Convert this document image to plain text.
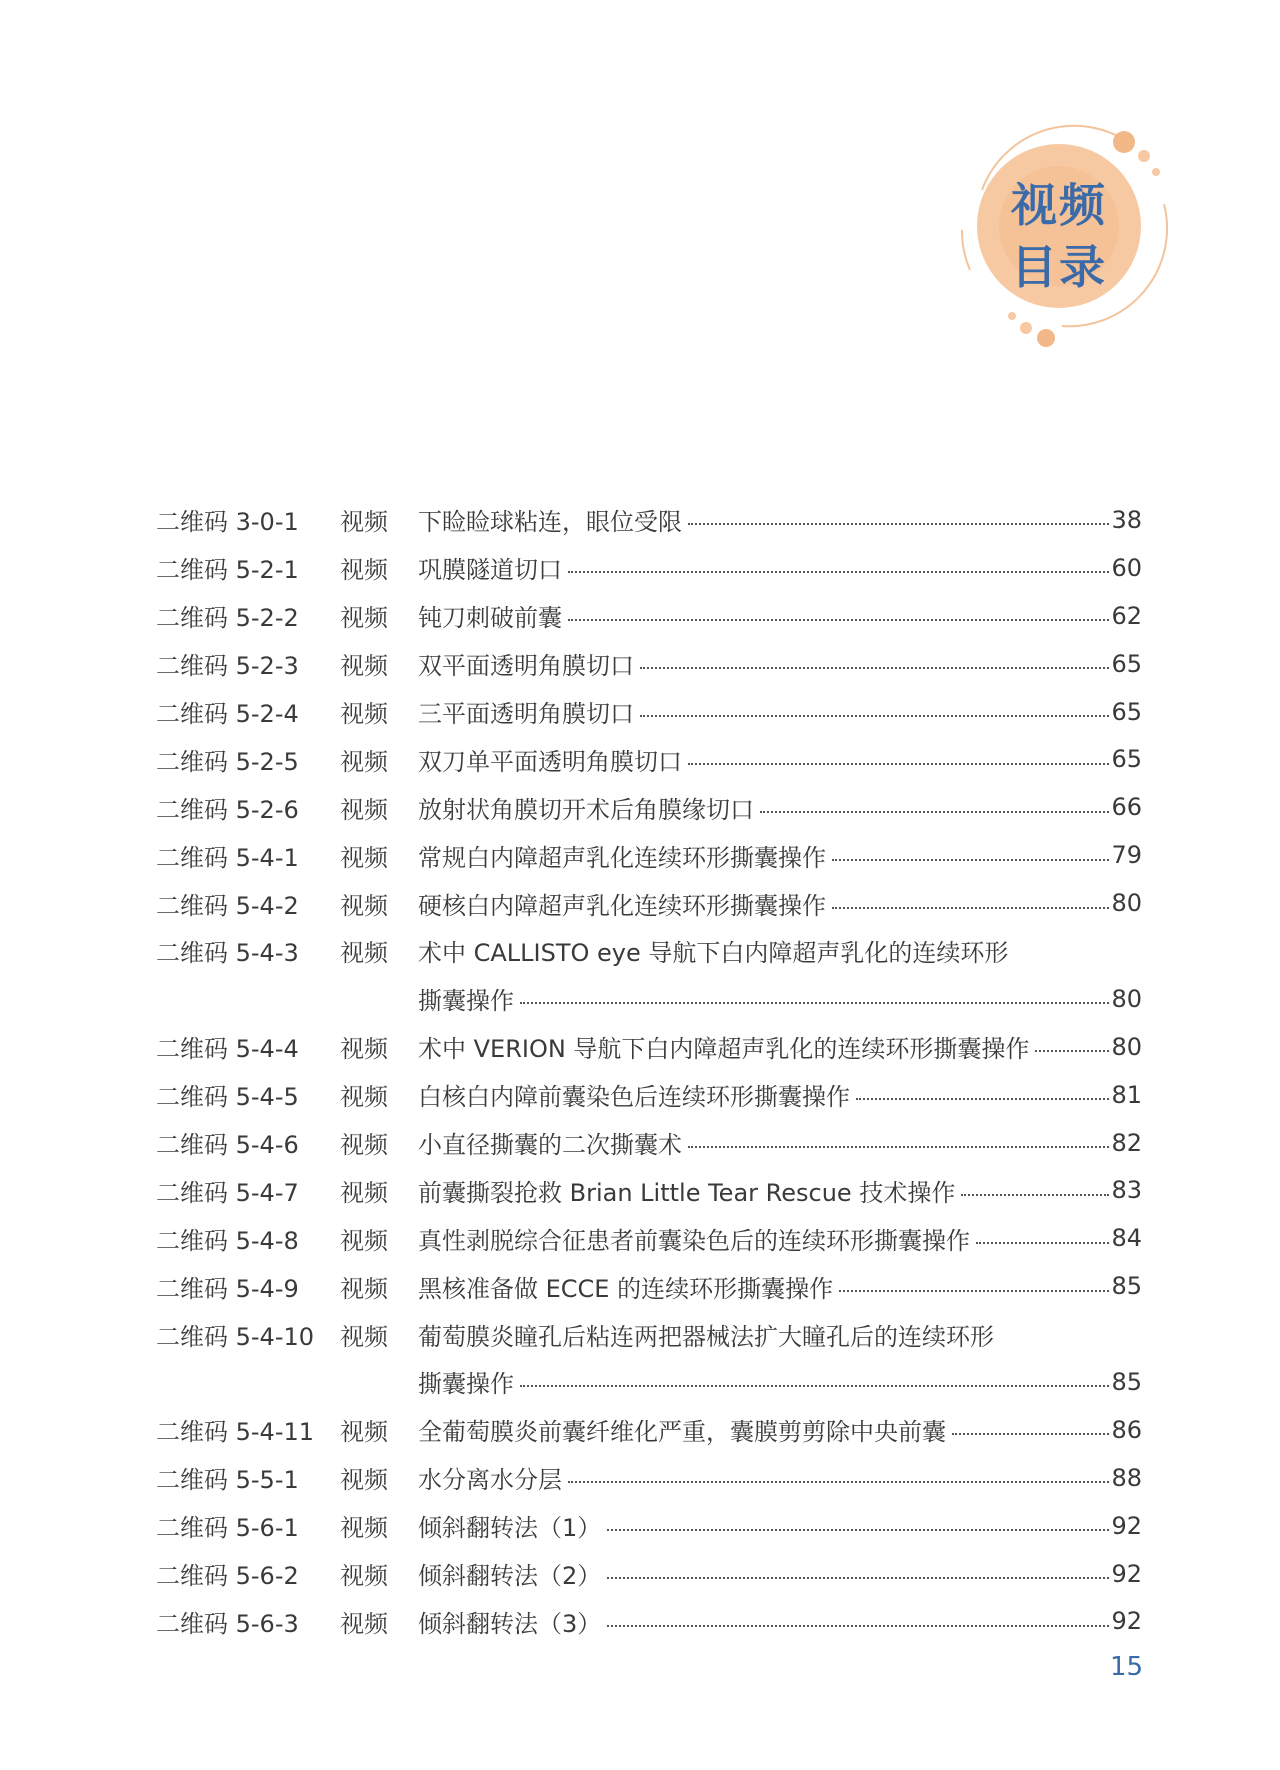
视频
目录
二维码 3-0-1	视频	下睑睑球粘连，眼位受限	38
二维码 5-2-1	视频	巩膜隧道切口	60
二维码 5-2-2	视频	钝刀刺破前囊	62
二维码 5-2-3	视频	双平面透明角膜切口	65
二维码 5-2-4	视频	三平面透明角膜切口	65
二维码 5-2-5	视频	双刀单平面透明角膜切口	65
二维码 5-2-6	视频	放射状角膜切开术后角膜缘切口	66
二维码 5-4-1	视频	常规白内障超声乳化连续环形撕囊操作	79
二维码 5-4-2	视频	硬核白内障超声乳化连续环形撕囊操作	80
二维码 5-4-3	视频	术中 CALLISTO eye 导航下白内障超声乳化的连续环形
撕囊操作	80
二维码 5-4-4	视频	术中 VERION 导航下白内障超声乳化的连续环形撕囊操作	80
二维码 5-4-5	视频	白核白内障前囊染色后连续环形撕囊操作	81
二维码 5-4-6	视频	小直径撕囊的二次撕囊术	82
二维码 5-4-7	视频	前囊撕裂抢救 Brian Little Tear Rescue 技术操作	83
二维码 5-4-8	视频	真性剥脱综合征患者前囊染色后的连续环形撕囊操作	84
二维码 5-4-9	视频	黑核准备做 ECCE 的连续环形撕囊操作	85
二维码 5-4-10	视频	葡萄膜炎瞳孔后粘连两把器械法扩大瞳孔后的连续环形
撕囊操作	85
二维码 5-4-11	视频	全葡萄膜炎前囊纤维化严重，囊膜剪剪除中央前囊	86
二维码 5-5-1	视频	水分离水分层	88
二维码 5-6-1	视频	倾斜翻转法（1）	92
二维码 5-6-2	视频	倾斜翻转法（2）	92
二维码 5-6-3	视频	倾斜翻转法（3）	92
15
